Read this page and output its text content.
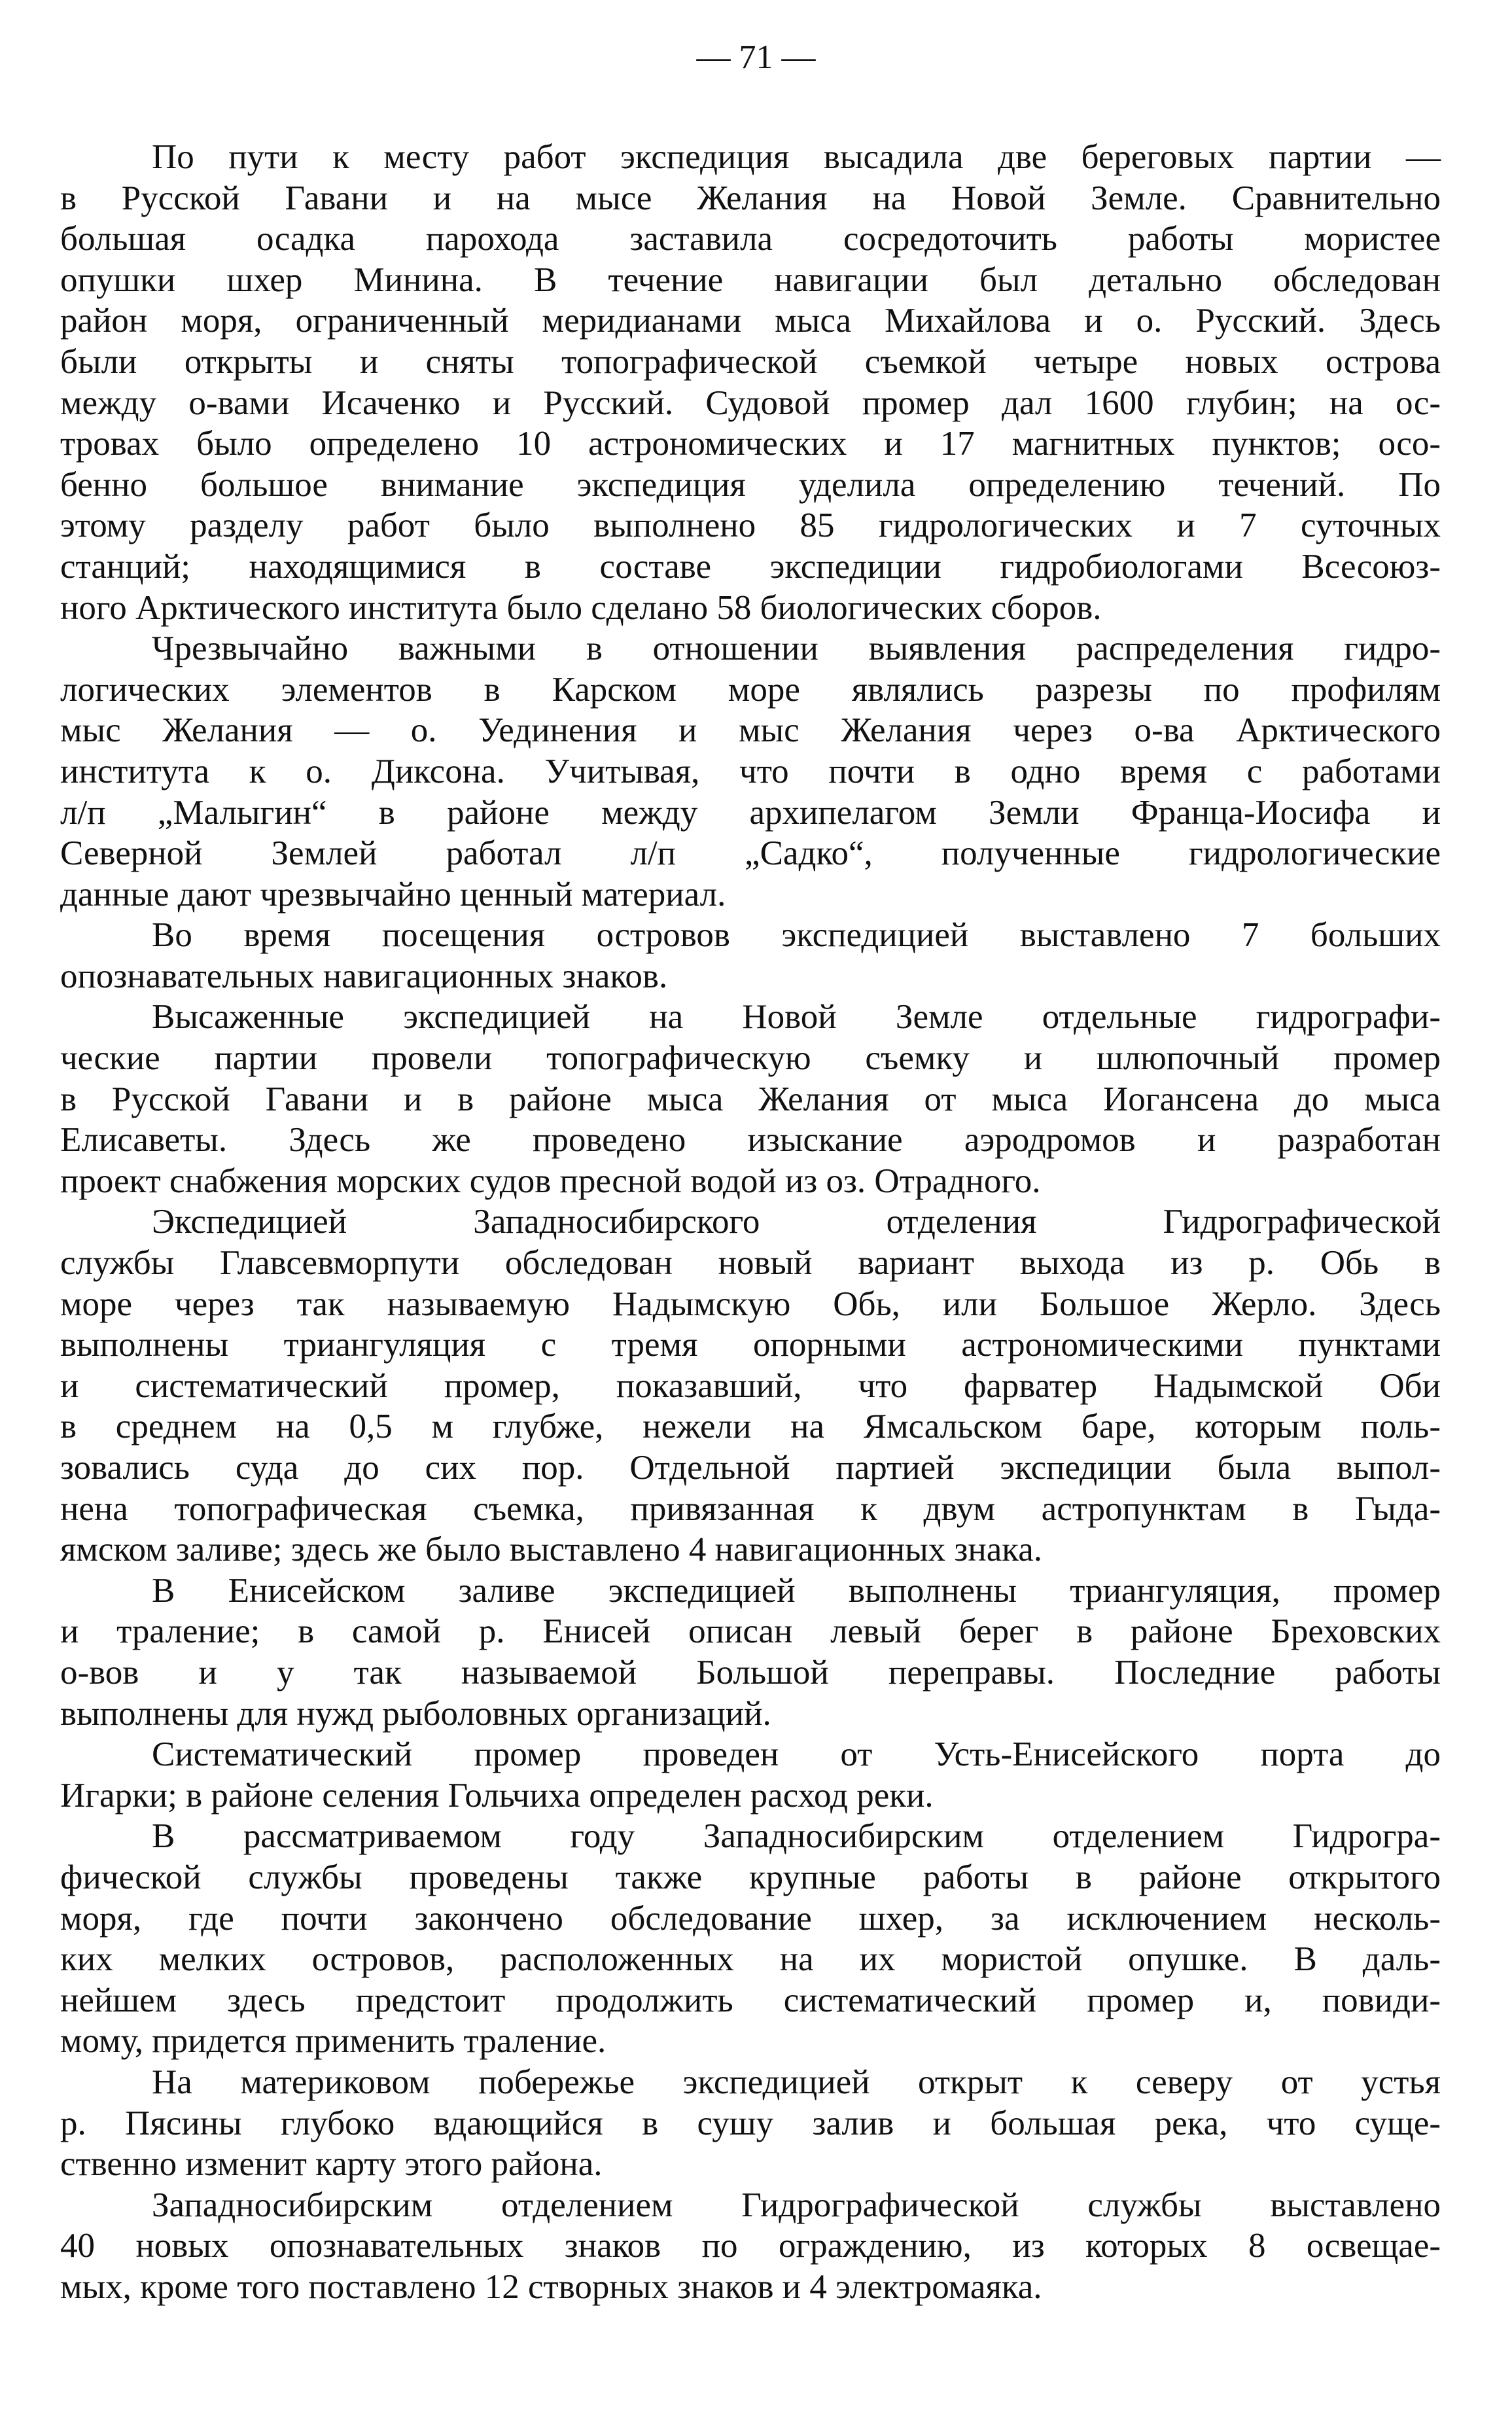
— 71 —
По пути к месту работ экспедиция высадила две береговых партии —
в Русской Гавани и на мысе Желания на Новой Земле. Сравнительно
большая осадка парохода заставила сосредоточить работы мористее
опушки шхер Минина. В течение навигации был детально обследован
район моря, ограниченный меридианами мыса Михайлова и о. Русский. Здесь
были открыты и сняты топографической съемкой четыре новых острова
между о-вами Исаченко и Русский. Судовой промер дал 1600 глубин; на ос-
тровах было определено 10 астрономических и 17 магнитных пунктов; осо-
бенно большое внимание экспедиция уделила определению течений. По
этому разделу работ было выполнено 85 гидрологических и 7 суточных
станций; находящимися в составе экспедиции гидробиологами Всесоюз-
ного Арктического института было сделано 58 биологических сборов.
Чрезвычайно важными в отношении выявления распределения гидро-
логических элементов в Карском море являлись разрезы по профилям
мыс Желания — о. Уединения и мыс Желания через о-ва Арктического
института к о. Диксона. Учитывая, что почти в одно время с работами
л/п „Малыгин“ в районе между архипелагом Земли Франца-Иосифа и
Северной Землей работал л/п „Садко“, полученные гидрологические
данные дают чрезвычайно ценный материал.
Во время посещения островов экспедицией выставлено 7 больших
опознавательных навигационных знаков.
Высаженные экспедицией на Новой Земле отдельные гидрографи-
ческие партии провели топографическую съемку и шлюпочный промер
в Русской Гавани и в районе мыса Желания от мыса Иогансена до мыса
Елисаветы. Здесь же проведено изыскание аэродромов и разработан
проект снабжения морских судов пресной водой из оз. Отрадного.
Экспедицией Западносибирского отделения Гидрографической
службы Главсевморпути обследован новый вариант выхода из р. Обь в
море через так называемую Надымскую Обь, или Большое Жерло. Здесь
выполнены триангуляция с тремя опорными астрономическими пунктами
и систематический промер, показавший, что фарватер Надымской Оби
в среднем на 0,5 м глубже, нежели на Ямсальском баре, которым поль-
зовались суда до сих пор. Отдельной партией экспедиции была выпол-
нена топографическая съемка, привязанная к двум астропунктам в Гыда-
ямском заливе; здесь же было выставлено 4 навигационных знака.
В Енисейском заливе экспедицией выполнены триангуляция, промер
и траление; в самой р. Енисей описан левый берег в районе Бреховских
о-вов и у так называемой Большой переправы. Последние работы
выполнены для нужд рыболовных организаций.
Систематический промер проведен от Усть-Енисейского порта до
Игарки; в районе селения Гольчиха определен расход реки.
В рассматриваемом году Западносибирским отделением Гидрогра-
фической службы проведены также крупные работы в районе открытого
моря, где почти закончено обследование шхер, за исключением несколь-
ких мелких островов, расположенных на их мористой опушке. В даль-
нейшем здесь предстоит продолжить систематический промер и, повиди-
мому, придется применить траление.
На материковом побережье экспедицией открыт к северу от устья
р. Пясины глубоко вдающийся в сушу залив и большая река, что суще-
ственно изменит карту этого района.
Западносибирским отделением Гидрографической службы выставлено
40 новых опознавательных знаков по ограждению, из которых 8 освещае-
мых, кроме того поставлено 12 створных знаков и 4 электромаяка.
